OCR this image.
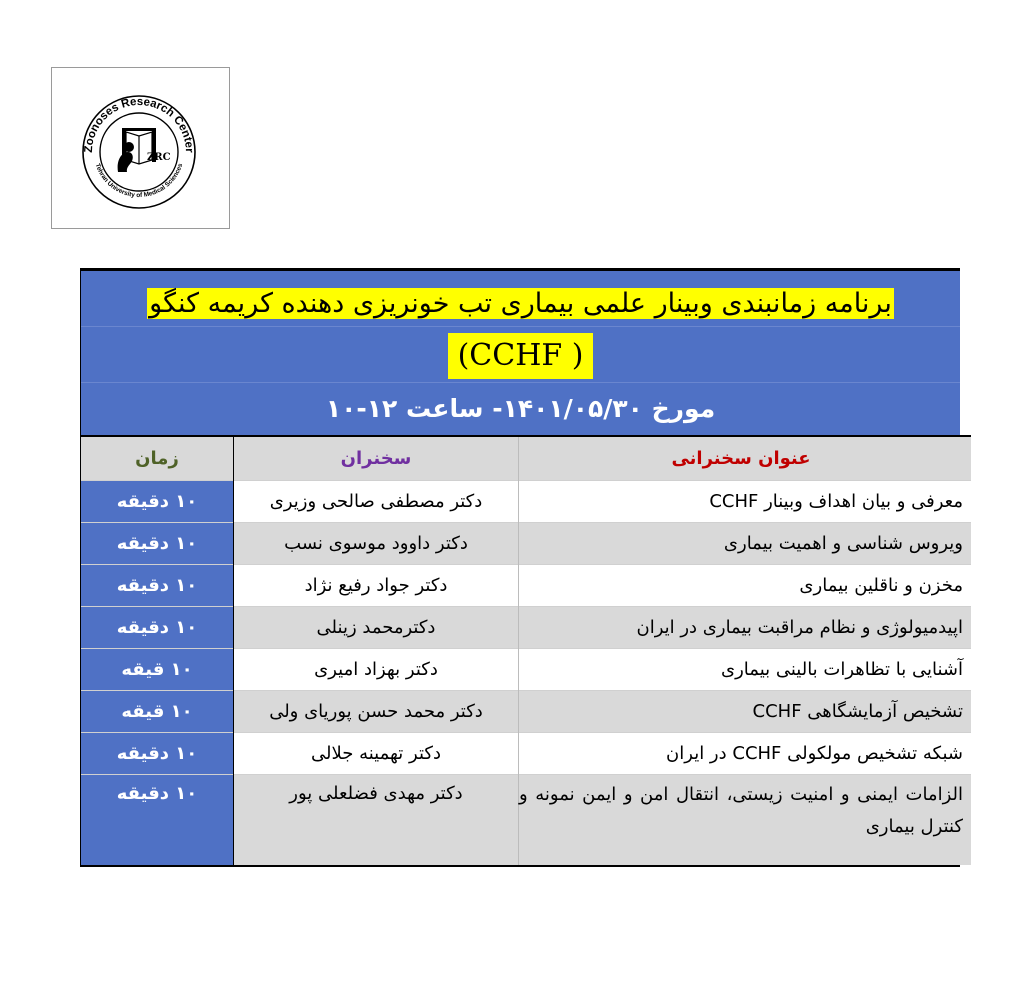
Zoonoses Research Center
Tehran University of Medical Sciences
ZRC
برنامه زمانبندی وبینار علمی بیماری تب خونریزی دهنده کریمه کنگو
(CCHF )
مورخ ۱۴۰۱/۰۵/۳۰- ساعت ۱۲-۱۰
زمان	سخنران	عنوان سخنرانی
۱۰ دقیقه	دکتر مصطفی صالحی وزیری	معرفی و بیان اهداف وبینار CCHF
۱۰ دقیقه	دکتر داوود موسوی نسب	ویروس شناسی و اهمیت بیماری
۱۰ دقیقه	دکتر جواد رفیع نژاد	مخزن و ناقلین بیماری
۱۰ دقیقه	دکترمحمد زینلی	اپیدمیولوژی و نظام مراقبت بیماری در ایران
۱۰ قیقه	دکتر بهزاد امیری	آشنایی با تظاهرات بالینی بیماری
۱۰ قیقه	دکتر محمد حسن پوریای ولی	تشخیص آزمایشگاهی CCHF
۱۰ دقیقه	دکتر تهمینه جلالی	شبکه تشخیص مولکولی CCHF در ایران
۱۰ دقیقه	دکتر مهدی فضلعلی پور	الزامات ایمنی و امنیت زیستی، انتقال امن و ایمن نمونه و کنترل بیماری
